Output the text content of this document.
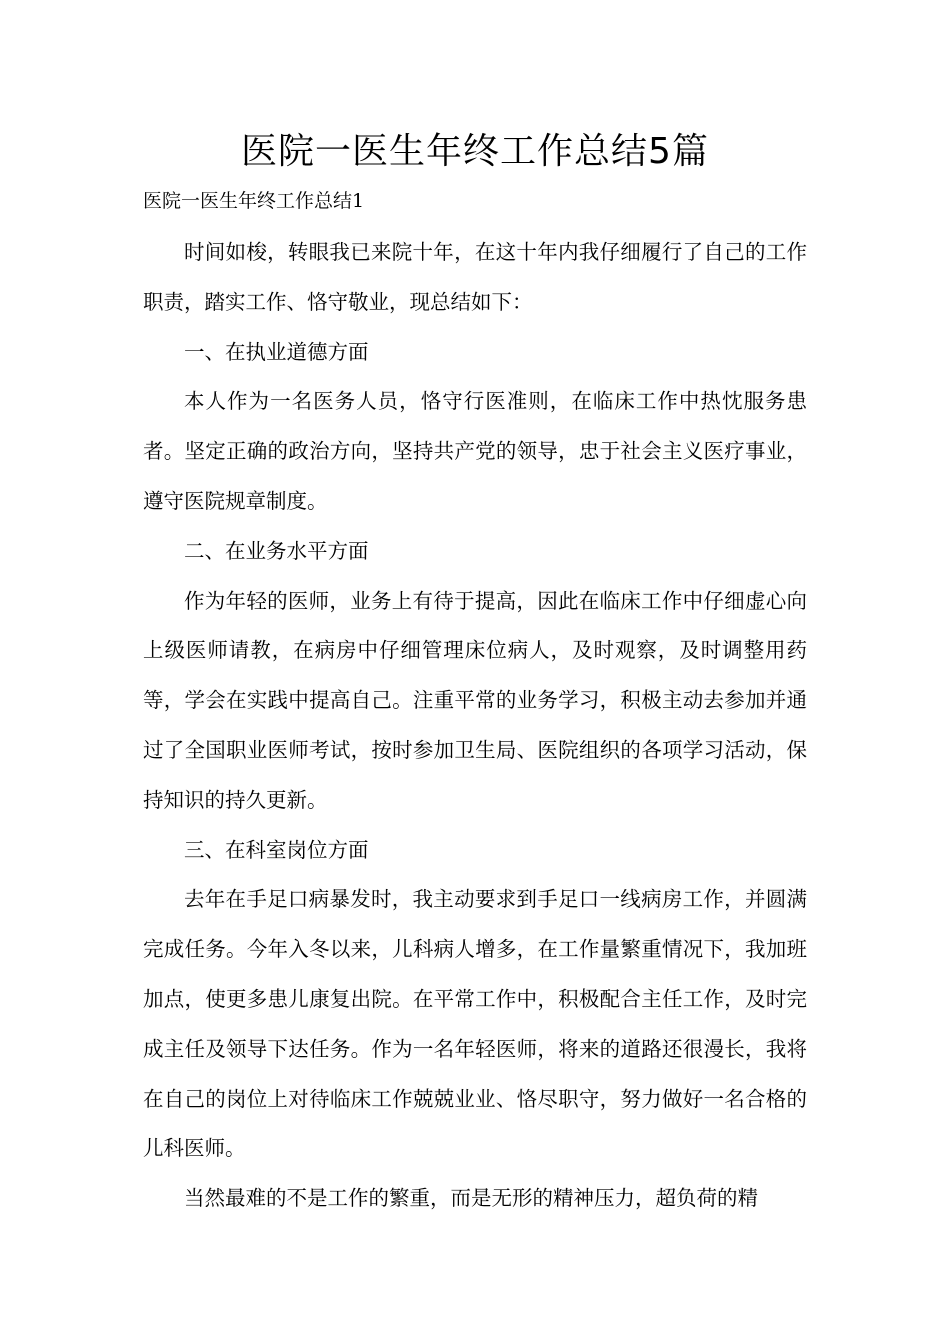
医院一医生年终工作总结5篇
医院一医生年终工作总结1

时间如梭，转眼我已来院十年，在这十年内我仔细履行了自己的工作职责，踏实工作、恪守敬业，现总结如下：

一、在执业道德方面

本人作为一名医务人员，恪守行医准则，在临床工作中热忱服务患者。坚定正确的政治方向，坚持共产党的领导，忠于社会主义医疗事业，遵守医院规章制度。

二、在业务水平方面

作为年轻的医师，业务上有待于提高，因此在临床工作中仔细虚心向上级医师请教，在病房中仔细管理床位病人，及时观察，及时调整用药等，学会在实践中提高自己。注重平常的业务学习，积极主动去参加并通过了全国职业医师考试，按时参加卫生局、医院组织的各项学习活动，保持知识的持久更新。

三、在科室岗位方面

去年在手足口病暴发时，我主动要求到手足口一线病房工作，并圆满完成任务。今年入冬以来，儿科病人增多，在工作量繁重情况下，我加班加点，使更多患儿康复出院。在平常工作中，积极配合主任工作，及时完成主任及领导下达任务。作为一名年轻医师，将来的道路还很漫长，我将在自己的岗位上对待临床工作兢兢业业、恪尽职守，努力做好一名合格的儿科医师。

当然最难的不是工作的繁重，而是无形的精神压力，超负荷的精
